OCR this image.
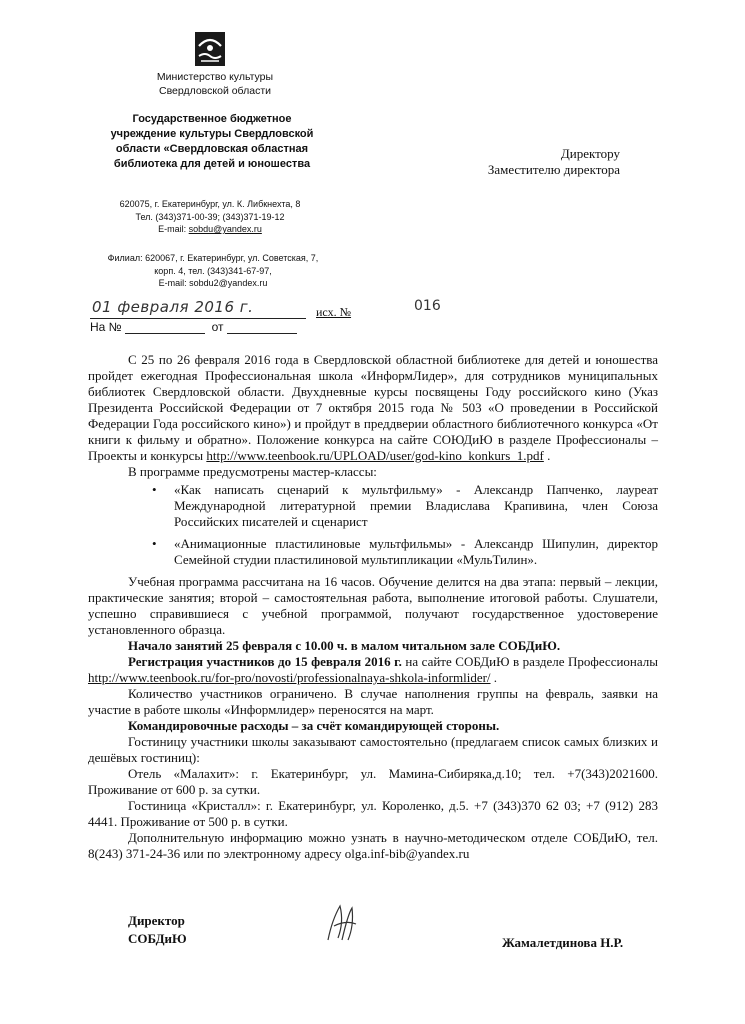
Министерство культуры
Свердловской области
Государственное бюджетное
учреждение культуры Свердловской
области «Свердловская областная
библиотека для детей и юношества
620075, г. Екатеринбург, ул. К. Либкнехта, 8
Тел. (343)371-00-39; (343)371-19-12
E-mail: sobdu@yandex.ru
Филиал: 620067, г. Екатеринбург, ул. Советская, 7,
корп. 4, тел. (343)341-67-97,
E-mail: sobdu2@yandex.ru
Директору
Заместителю директора
01 февраля 2016 г.	исх. №	016
На №	от

С 25 по 26 февраля 2016 года в Свердловской областной библиотеке для детей и юношества пройдет ежегодная Профессиональная школа «ИнформЛидер», для сотрудников муниципальных библиотек Свердловской области. Двухдневные курсы посвящены Году российского кино (Указ Президента Российской Федерации от 7 октября 2015 года № 503 «О проведении в Российской Федерации Года российского кино») и пройдут в преддверии областного библиотечного конкурса «От книги к фильму и обратно». Положение конкурса на сайте СОЮДиЮ в разделе Профессионалы – Проекты и конкурсы http://www.teenbook.ru/UPLOAD/user/god-kino_konkurs_1.pdf .

В программе предусмотрены мастер-классы:

• «Как написать сценарий к мультфильму» - Александр Папченко, лауреат Международной литературной премии Владислава Крапивина, член Союза Российских писателей и сценарист
• «Анимационные пластилиновые мультфильмы» - Александр Шипулин, директор Семейной студии пластилиновой мультипликации «МульТилин».

Учебная программа рассчитана на 16 часов. Обучение делится на два этапа: первый – лекции, практические занятия; второй – самостоятельная работа, выполнение итоговой работы. Слушатели, успешно справившиеся с учебной программой, получают государственное удостоверение установленного образца.

Начало занятий 25 февраля с 10.00 ч. в малом читальном зале СОБДиЮ.

Регистрация участников до 15 февраля 2016 г. на сайте СОБДиЮ в разделе Профессионалы http://www.teenbook.ru/for-pro/novosti/professionalnaya-shkola-informlider/ .

Количество участников ограничено. В случае наполнения группы на февраль, заявки на участие в работе школы «Информлидер» переносятся на март.

Командировочные расходы – за счёт командирующей стороны.

Гостиницу участники школы заказывают самостоятельно (предлагаем список самых близких и дешёвых гостиниц):

Отель «Малахит»: г. Екатеринбург, ул. Мамина-Сибиряка,д.10; тел. +7(343)2021600. Проживание от 600 р. за сутки.

Гостиница «Кристалл»: г. Екатеринбург, ул. Короленко, д.5. +7 (343)370 62 03; +7 (912) 283 4441. Проживание от 500 р. в сутки.

Дополнительную информацию можно узнать в научно-методическом отделе СОБДиЮ, тел. 8(243) 371-24-36 или по электронному адресу olga.inf-bib@yandex.ru

Директор
СОБДиЮ	Жамалетдинова Н.Р.
